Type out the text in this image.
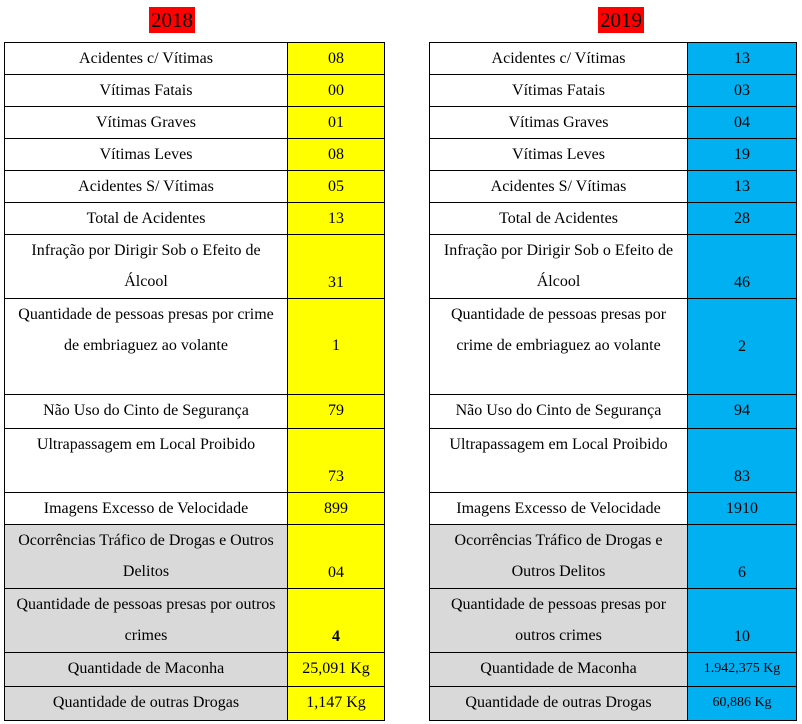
2018	2019
Acidentes c/ Vítimas	08
Vítimas Fatais	00
Vítimas Graves	01
Vítimas Leves	08
Acidentes S/ Vítimas	05
Total de Acidentes	13
Infração por Dirigir Sob o Efeito de Álcool	31
Quantidade de pessoas presas por crime de embriaguez ao volante	1
Não Uso do Cinto de Segurança	79
Ultrapassagem em Local Proibido	73
Imagens Excesso de Velocidade	899
Ocorrências Tráfico de Drogas e Outros Delitos	04
Quantidade de pessoas presas por outros crimes	4
Quantidade de Maconha	25,091 Kg
Quantidade de outras Drogas	1,147 Kg
Acidentes c/ Vítimas	13
Vítimas Fatais	03
Vítimas Graves	04
Vítimas Leves	19
Acidentes S/ Vítimas	13
Total de Acidentes	28
Infração por Dirigir Sob o Efeito de Álcool	46
Quantidade de pessoas presas por crime de embriaguez ao volante	2
Não Uso do Cinto de Segurança	94
Ultrapassagem em Local Proibido	83
Imagens Excesso de Velocidade	1910
Ocorrências Tráfico de Drogas e Outros Delitos	6
Quantidade de pessoas presas por outros crimes	10
Quantidade de Maconha	1.942,375 Kg
Quantidade de outras Drogas	60,886 Kg
